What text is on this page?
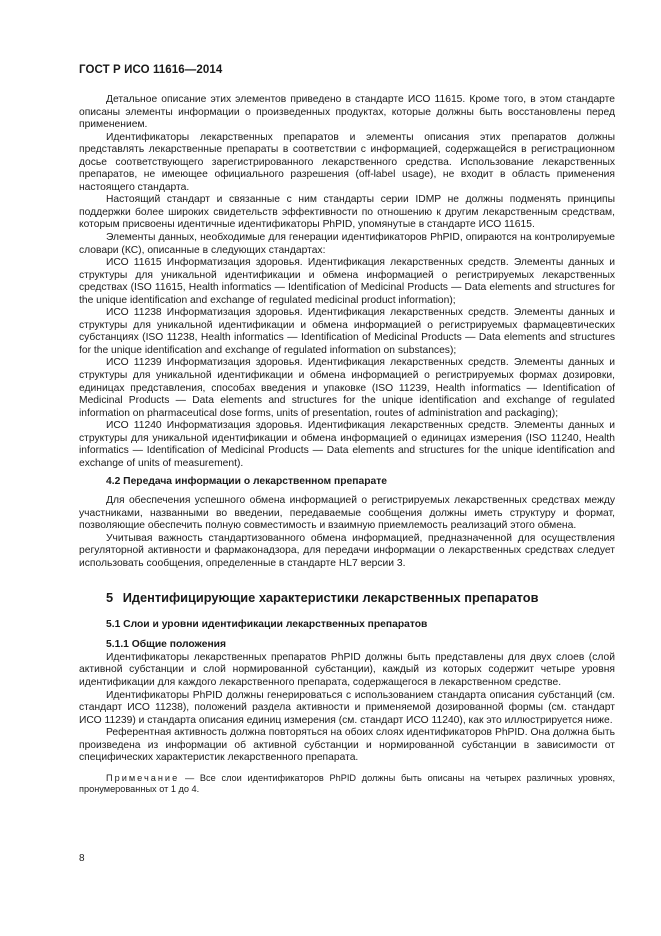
ГОСТ Р ИСО 11616—2014

Детальное описание этих элементов приведено в стандарте ИСО 11615. Кроме того, в этом стандарте описаны элементы информации о произведенных продуктах, которые должны быть восстановлены перед применением.

Идентификаторы лекарственных препаратов и элементы описания этих препаратов должны представлять лекарственные препараты в соответствии с информацией, содержащейся в регистрационном досье соответствующего зарегистрированного лекарственного средства. Использование лекарственных препаратов, не имеющее официального разрешения (off-label usage), не входит в область применения настоящего стандарта.

Настоящий стандарт и связанные с ним стандарты серии IDMP не должны подменять принципы поддержки более широких свидетельств эффективности по отношению к другим лекарственным средствам, которым присвоены идентичные идентификаторы PhPID, упомянутые в стандарте ИСО 11615.

Элементы данных, необходимые для генерации идентификаторов PhPID, опираются на контролируемые словари (КС), описанные в следующих стандартах:

ИСО 11615 Информатизация здоровья. Идентификация лекарственных средств. Элементы данных и структуры для уникальной идентификации и обмена информацией о регистрируемых лекарственных средствах (ISO 11615, Health informatics — Identification of Medicinal Products — Data elements and structures for the unique identification and exchange of regulated medicinal product information);

ИСО 11238 Информатизация здоровья. Идентификация лекарственных средств. Элементы данных и структуры для уникальной идентификации и обмена информацией о регистрируемых фармацевтических субстанциях (ISO 11238, Health informatics — Identification of Medicinal Products — Data elements and structures for the unique identification and exchange of regulated information on substances);

ИСО 11239 Информатизация здоровья. Идентификация лекарственных средств. Элементы данных и структуры для уникальной идентификации и обмена информацией о регистрируемых формах дозировки, единицах представления, способах введения и упаковке (ISO 11239, Health informatics — Identification of Medicinal Products — Data elements and structures for the unique identification and exchange of regulated information on pharmaceutical dose forms, units of presentation, routes of administration and packaging);

ИСО 11240 Информатизация здоровья. Идентификация лекарственных средств. Элементы данных и структуры для уникальной идентификации и обмена информацией о единицах измерения (ISO 11240, Health informatics — Identification of Medicinal Products — Data elements and structures for the unique identification and exchange of units of measurement).

4.2 Передача информации о лекарственном препарате

Для обеспечения успешного обмена информацией о регистрируемых лекарственных средствах между участниками, названными во введении, передаваемые сообщения должны иметь структуру и формат, позволяющие обеспечить полную совместимость и взаимную приемлемость реализаций этого обмена.

Учитывая важность стандартизованного обмена информацией, предназначенной для осуществления регуляторной активности и фармаконадзора, для передачи информации о лекарственных средствах следует использовать сообщения, определенные в стандарте HL7 версии 3.

5 Идентифицирующие характеристики лекарственных препаратов
5.1 Слои и уровни идентификации лекарственных препаратов
5.1.1 Общие положения

Идентификаторы лекарственных препаратов PhPID должны быть представлены для двух слоев (слой активной субстанции и слой нормированной субстанции), каждый из которых содержит четыре уровня идентификации для каждого лекарственного препарата, содержащегося в лекарственном средстве.

Идентификаторы PhPID должны генерироваться с использованием стандарта описания субстанций (см. стандарт ИСО 11238), положений раздела активности и применяемой дозированной формы (см. стандарт ИСО 11239) и стандарта описания единиц измерения (см. стандарт ИСО 11240), как это иллюстрируется ниже.

Референтная активность должна повторяться на обоих слоях идентификаторов PhPID. Она должна быть произведена из информации об активной субстанции и нормированной субстанции в зависимости от специфических характеристик лекарственного препарата.

Примечание — Все слои идентификаторов PhPID должны быть описаны на четырех различных уровнях, пронумерованных от 1 до 4.

8
